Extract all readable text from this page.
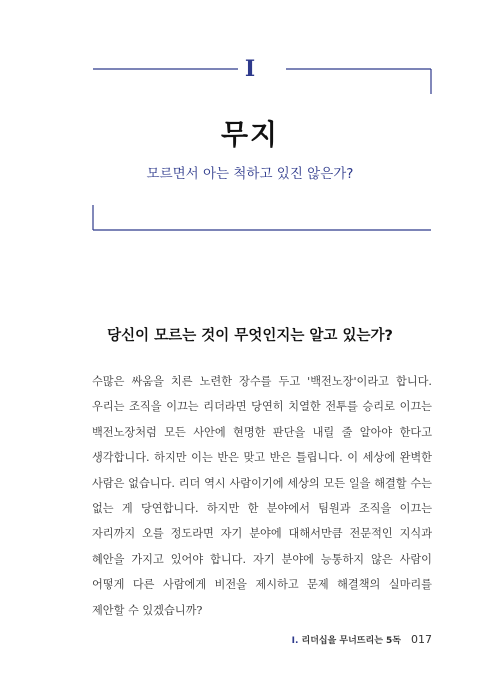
I
무지
모르면서 아는 척하고 있진 않은가?
당신이 모르는 것이 무엇인지는 알고 있는가?

수많은 싸움을 치른 노련한 장수를 두고 '백전노장'이라고 합니다. 우리는 조직을 이끄는 리더라면 당연히 치열한 전투를 승리로 이끄는 백전노장처럼 모든 사안에 현명한 판단을 내릴 줄 알아야 한다고 생각합니다. 하지만 이는 반은 맞고 반은 틀립니다. 이 세상에 완벽한 사람은 없습니다. 리더 역시 사람이기에 세상의 모든 일을 해결할 수는 없는 게 당연합니다. 하지만 한 분야에서 팀원과 조직을 이끄는 자리까지 오를 정도라면 자기 분야에 대해서만큼 전문적인 지식과 혜안을 가지고 있어야 합니다. 자기 분야에 능통하지 않은 사람이 어떻게 다른 사람에게 비전을 제시하고 문제 해결책의 실마리를 제안할 수 있겠습니까?

I. 리더십을 무너뜨리는 5독 017
